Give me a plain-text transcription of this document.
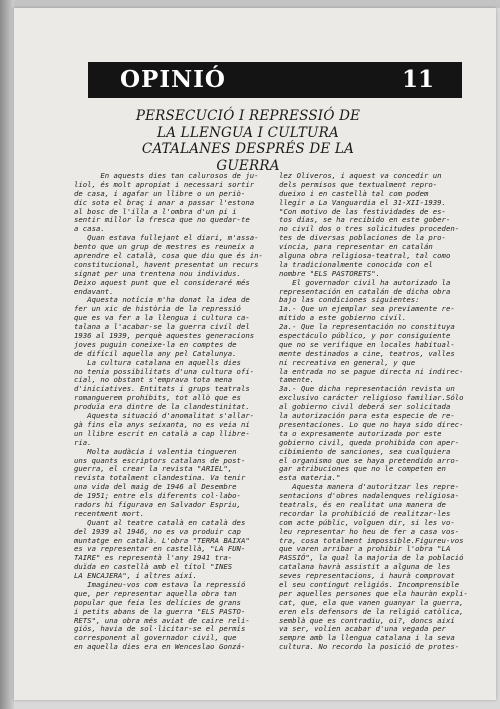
OPINIÓ	11
PERSECUCIÓ I REPRESSIÓ DE
LA LLENGUA I CULTURA
CATALANES DESPRÉS DE LA
GUERRA
En aquests dies tan calurosos de ju-
liol, és molt apropiat i necessari sortir
de casa, i agafar un llibre o un periò-
dic sota el braç i anar a passar l'estona
al bosc de l'illa a l'ombra d'un pi i
sentir millor la fresca que no quedar-te
a casa.
Quan estava fullejant el diari, m'assa-
bento que un grup de mestres es reuneix a
aprendre el català, cosa que diu que és in-
constitucional, havent presentat un recurs
signat per una trentena nou individus.
Deixo aquest punt que el consideraré més
endavant.
Aquesta notícia m'ha donat la idea de
fer un xic de història de la repressió
que es va fer a la llengua i cultura ca-
talana a l'acabar-se la guerra civil del
1936 al 1939, perquè aquestes generacions
joves puguin coneixe-la en comptes de
de difícil aquella any pel Catalunya.
La cultura catalana en aquells dies
no tenia possibilitats d'una cultura ofi-
cial, no obstant s'emprava tota mena
d'iniciatives. Entitats i grups teatrals
romanguerem prohibits, tot allò que es
produïa era dintre de la clandestinitat.
Aquesta situació d'anomalitat s'allar-
gà fins ela anys seixanta, no es veia ni
un llibre escrit en català a cap llibre-
ria.
Molta audàcia i valentia tingueren
uns quants escriptors catalans de post-
guerra, el crear la revista "ARIEL",
revista totalment clandestina. Va tenir
una vida del maig de 1946 al Desembre
de 1951; entre els diferents col·labo-
radors hi figurava en Salvador Espriu,
recentment mort.
Quant al teatre català en català des
del 1939 al 1946, no es va produir cap
muntatge en català. L'obra "TERRA BAIXA"
es va representar en castellà, "LA FUN-
TAIRE" es representà l'any 1941 tra-
duïda en castellà amb el títol "INES
LA ENCAJERA", i altres així.
Imagineu-vos com estava la repressió
que, per representar aquella obra tan
popular que feia les delícies de grans
i petits abans de la guerra "ELS PASTO-
RETS", una obra més aviat de caire reli-
giós, havia de sol·licitar-se el permís
corresponent al governador civil, que
en aquella dies era en Wenceslao Gonzá-
lez Oliveros, i aquest va concedir un
dels permisos que textualment repro-
dueixo i en castellà tal com podem
llegir a La Vanguardia el 31-XII-1939.
"Con motivo de las festividades de es-
tos días, se ha recibido en este gober-
no civil dos o tres solicitudes proceden-
tes de diversas poblaciones de la pro-
vincia, para representar en catalán
alguna obra religiosa-teatral, tal como
la tradicionalmente conocida con el
nombre "ELS PASTORETS".
El governador civil ha autorizado la
representación en catalán de dicha obra
bajo las condiciones siguientes:
1a.- Que un ejemplar sea previamente re-
mitido a este gobierno civil.
2a.- Que la representación no constituya
espectáculo público, y por consiguiente
que no se verifique en locales habitual-
mente destinados a cine, teatros, valles
ni recreativa en general, y que
la entrada no se pague directa ni indirec-
tamente.
3a.- Que dicha representación revista un
exclusivo carácter religioso familiar.Sólo
al gobierno civil deberá ser solicitada
la autorización para esta especie de re-
presentaciones. Lo que no haya sido direc-
ta o expresamente autorizada por este
gobierno civil, queda prohibida con aper-
cibimiento de sanciones, sea cualquiera
el organismo que se haya pretendido arro-
gar atribuciones que no le competen en
esta materia."
Aquesta manera d'autoritzar les repre-
sentacions d'obres nadalenques religiosa-
teatrals, és en realitat una manera de
recordar la prohibició de realitzar-les
com acte públic, volguen dir, si les vo-
leu representar ho heu de fer a casa vos-
tra, cosa totalment impossible.Figureu-vos
que varen arribar a prohibir l'obra "LA
PASSIÓ", la qual la majoria de la població
catalana havrà assistit a alguna de les
seves representacions, i haurà comprovat
el seu contingut religiós. Incomprensible
per aquelles persones que ela hauràn expli-
cat, que, ela que vanen guanyar la guerra,
eren els defensors de la religió catòlica,
semblà que es contradiu, oi?, doncs així
va ser, volien acabar d'una vegada per
sempre amb la llengua catalana i la seva
cultura. No recordo la posició de protes-
